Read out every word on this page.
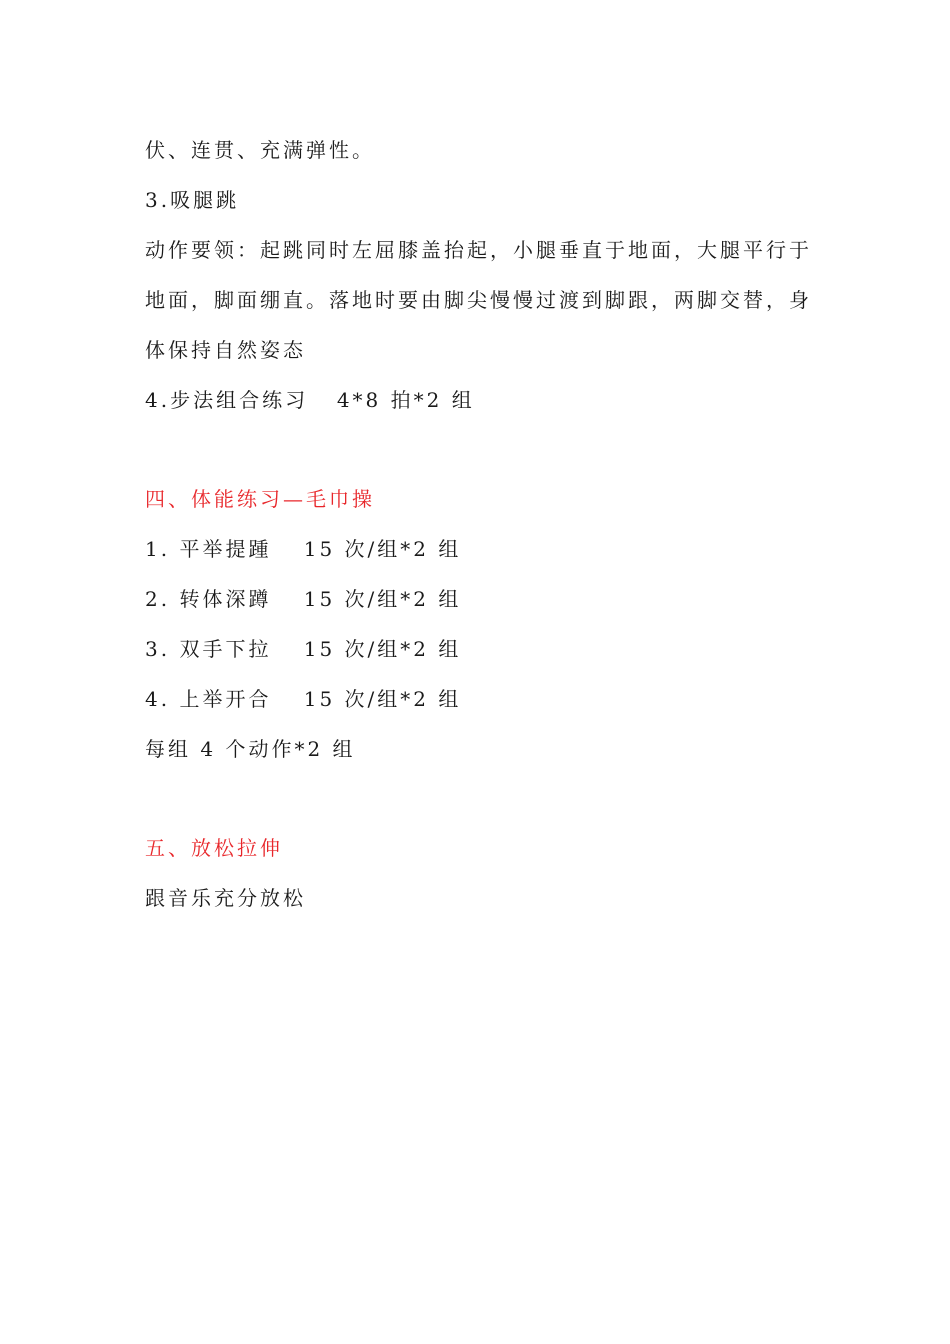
伏、连贯、充满弹性。
3.吸腿跳
动作要领：起跳同时左屈膝盖抬起，小腿垂直于地面，大腿平行于
地面，脚面绷直。落地时要由脚尖慢慢过渡到脚跟，两脚交替，身
体保持自然姿态
4.步法组合练习 4*8 拍*2 组
四、体能练习—毛巾操
1. 平举提踵 15 次/组*2 组
2. 转体深蹲 15 次/组*2 组
3. 双手下拉 15 次/组*2 组
4. 上举开合 15 次/组*2 组
每组 4 个动作*2 组
五、放松拉伸
跟音乐充分放松
